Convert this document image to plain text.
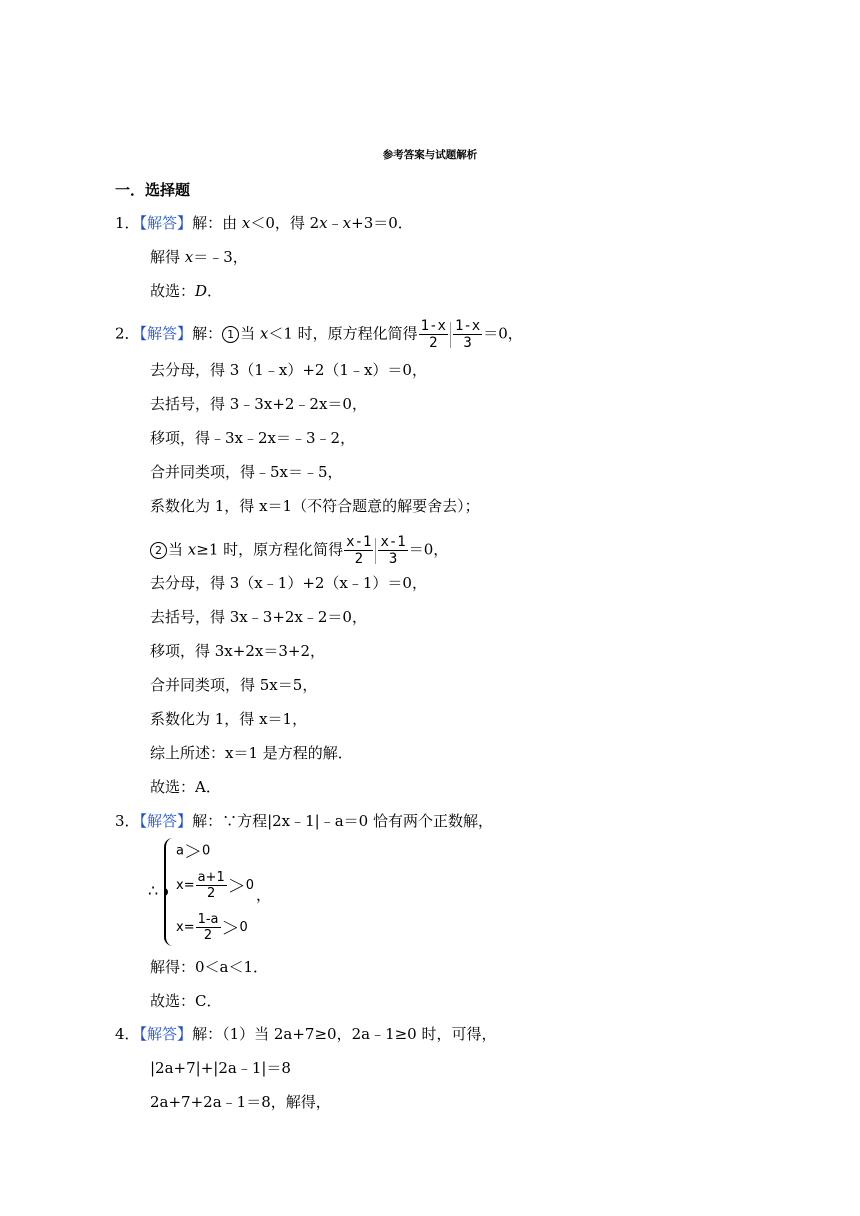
参考答案与试题解析
一．选择题
1．【解答】解：由 x＜0，得 2x﹣x+3＝0．
解得 x＝﹣3，
故选：D．
2．【解答】解： 1 当 x＜1 时，原方程化简得 $\frac{1-x}{2} \frac{1-x}{3} =0$，
去分母，得 3（1﹣x）+2（1﹣x）＝0，
去括号，得 3﹣3x+2﹣2x＝0，
移项，得﹣3x﹣2x＝﹣3﹣2，
合并同类项，得﹣5x＝﹣5，
系数化为 1，得 x＝1（不符合题意的解要舍去）；
2 当 x≥1 时，原方程化简得 $\frac{x-1}{2} \frac{x-1}{3} =0$，
去分母，得 3（x﹣1）+2（x﹣1）＝0，
去括号，得 3x﹣3+2x﹣2＝0，
移项，得 3x+2x＝3+2，
合并同类项，得 5x＝5，
系数化为 1，得 x＝1，
综上所述：x＝1 是方程的解．
故选：A．
3．【解答】解：∵方程|2x﹣1|﹣a＝0 恰有两个正数解，
∴
a＞0
$x= \frac{a+1}{2} >0$
$x= \frac{1-a}{2} >0$
，
解得：0＜a＜1．
故选：C．
4．【解答】解：（1）当 2a+7≥0，2a﹣1≥0 时，可得，
|2a+7|+|2a﹣1|＝8
2a+7+2a﹣1＝8，解得，
